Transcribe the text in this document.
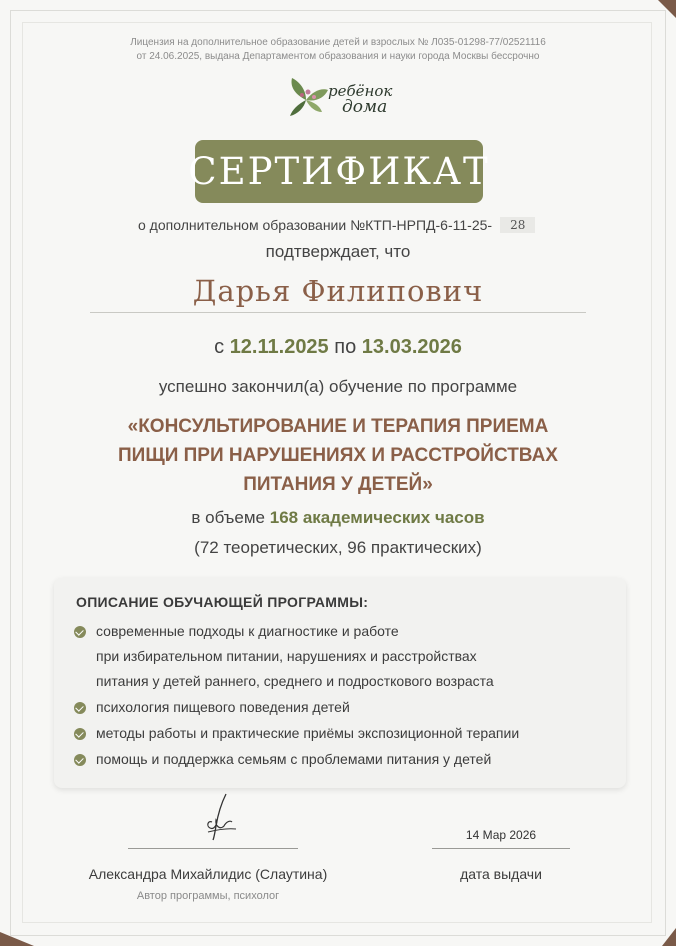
Лицензия на дополнительное образование детей и взрослых № Л035-01298-77/02521116
от 24.06.2025, выдана Департаментом образования и науки города Москвы бессрочно
ребёнок
дома
СЕРТИФИКАТ
о дополнительном образовании №КТП-НРПД-6-11-25-	28
подтверждает, что
Дарья Филипович
с 12.11.2025 по 13.03.2026
успешно закончил(а) обучение по программе
«КОНСУЛЬТИРОВАНИЕ И ТЕРАПИЯ ПРИЕМА
ПИЩИ ПРИ НАРУШЕНИЯХ И РАССТРОЙСТВАХ
ПИТАНИЯ У ДЕТЕЙ»
в объеме 168 академических часов
(72 теоретических, 96 практических)
ОПИСАНИЕ ОБУЧАЮЩЕЙ ПРОГРАММЫ:
современные подходы к диагностике и работе
при избирательном питании, нарушениях и расстройствах
питания у детей раннего, среднего и подросткового возраста
психология пищевого поведения детей
методы работы и практические приёмы экспозиционной терапии
помощь и поддержка семьям с проблемами питания у детей
14 Мар 2026
Александра Михайлидис (Слаутина)
Автор программы, психолог
дата выдачи
